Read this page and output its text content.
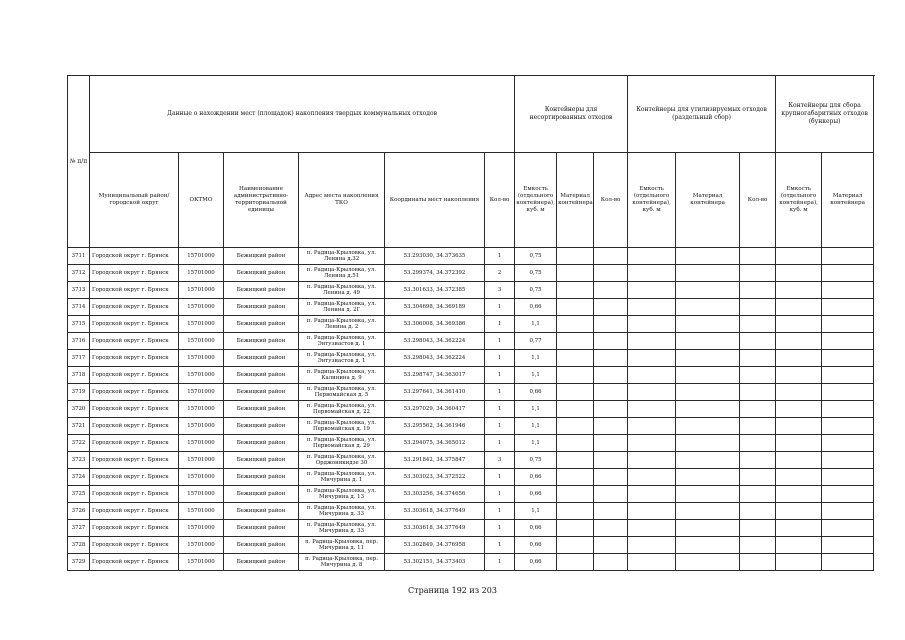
№ п/п	Данные о нахождении мест (площадок) накопления твердых коммунальных отходов						Контейнеры для несортированных отходов			Контейнеры для утилизируемых отходов (раздельный сбор)			Контейнеры для сбора крупногабаритных отходов (бункеры)	
	Муниципальный район/городской округ	ОКТМО	Наименование административно-территориальной единицы	Адрес места накопления ТКО	Координаты мест накопления	Кол-во	Емкость (отдельного контейнера), куб. м	Материал контейнера	Кол-во	Емкость (отдельного контейнера), куб. м	Материал контейнера	Кол-во	Емкость (отдельного контейнера), куб. м	Материал контейнера
3711	Городской округ г. Брянск	15701000	Бежицкий район	п. Радица-Крыловка, ул. Ленина д.32	53.293030, 34.373635	1	0,75							
3712	Городской округ г. Брянск	15701000	Бежицкий район	п. Радица-Крыловка, ул. Ленина д.51	53.299374, 34.372392	2	0,75							
3713	Городской округ г. Брянск	15701000	Бежицкий район	п. Радица-Крыловка, ул. Ленина д. 49	53.301633, 34.372385	3	0,75							
3714	Городской округ г. Брянск	15701000	Бежицкий район	п. Радица-Крыловка, ул. Ленина д. 2Г	53.304698, 34.369189	1	0,66							
3715	Городской округ г. Брянск	15701000	Бежицкий район	п. Радица-Крыловка, ул. Ленина д. 2	53.306008, 34.369386	1	1,1							
3716	Городской округ г. Брянск	15701000	Бежицкий район	п. Радица-Крыловка, ул. Энтузиастов д. 1	53.298043, 34.362224	1	0,77							
3717	Городской округ г. Брянск	15701000	Бежицкий район	п. Радица-Крыловка, ул. Энтузиастов д. 1	53.298043, 34.362224	1	1,1							
3718	Городской округ г. Брянск	15701000	Бежицкий район	п. Радица-Крыловка, ул. Калинина д. 9	53.298747, 34.363017	1	1,1							
3719	Городской округ г. Брянск	15701000	Бежицкий район	п. Радица-Крыловка, ул. Первомайская д. 5	53.297641, 34.361410	1	0,66							
3720	Городской округ г. Брянск	15701000	Бежицкий район	п. Радица-Крыловка, ул. Первомайская д. 22	53.297029, 34.360417	1	1,1							
3721	Городской округ г. Брянск	15701000	Бежицкий район	п. Радица-Крыловка, ул. Первомайская д. 19	53.295562, 34.361946	1	1,1							
3722	Городской округ г. Брянск	15701000	Бежицкий район	п. Радица-Крыловка, ул. Первомайская д. 29	53.294075, 34.365012	1	1,1							
3723	Городской округ г. Брянск	15701000	Бежицкий район	п. Радица-Крыловка, ул. Орджоникидзе 30	53.291842, 34.375847	3	0,75							
3724	Городской округ г. Брянск	15701000	Бежицкий район	п. Радица-Крыловка, ул. Мичурина д. 1	53.303023, 34.372522	1	0,66							
3725	Городской округ г. Брянск	15701000	Бежицкий район	п. Радица-Крыловка, ул. Мичурина д. 13	53.303256, 34.374656	1	0,66							
3726	Городской округ г. Брянск	15701000	Бежицкий район	п. Радица-Крыловка, ул. Мичурина д. 33	53.303618, 34.377649	1	1,1							
3727	Городской округ г. Брянск	15701000	Бежицкий район	п. Радица-Крыловка, ул. Мичурина д. 33	53.303618, 34.377649	1	0,66							
3728	Городской округ г. Брянск	15701000	Бежицкий район	п. Радица-Крыловка, пер. Мичурина д. 11	53.302849, 34.376958	1	0,66							
3729	Городской округ г. Брянск	15701000	Бежицкий район	п. Радица-Крыловка, пер. Мичурина д. 8	53.302151, 34.373403	1	0,66							
Страница 192 из 203
